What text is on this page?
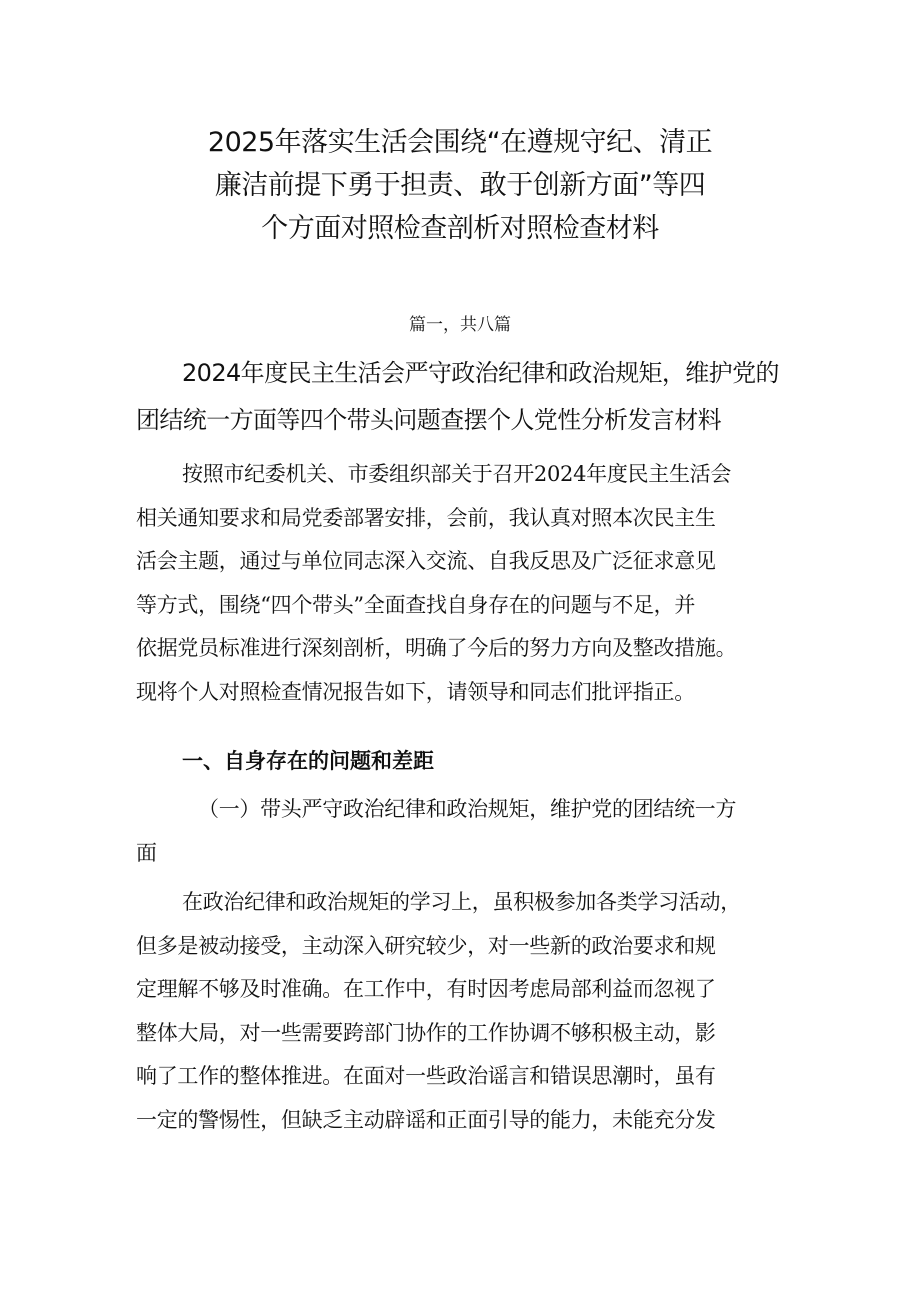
2025年落实生活会围绕“在遵规守纪、清正
廉洁前提下勇于担责、敢于创新方面”等四
个方面对照检查剖析对照检查材料
篇一，共八篇
2024年度民主生活会严守政治纪律和政治规矩，维护党的
团结统一方面等四个带头问题查摆个人党性分析发言材料
按照市纪委机关、市委组织部关于召开2024年度民主生活会
相关通知要求和局党委部署安排，会前，我认真对照本次民主生
活会主题，通过与单位同志深入交流、自我反思及广泛征求意见
等方式，围绕“四个带头”全面查找自身存在的问题与不足，并
依据党员标准进行深刻剖析，明确了今后的努力方向及整改措施。
现将个人对照检查情况报告如下，请领导和同志们批评指正。
一、自身存在的问题和差距
（一）带头严守政治纪律和政治规矩，维护党的团结统一方
面
在政治纪律和政治规矩的学习上，虽积极参加各类学习活动，
但多是被动接受，主动深入研究较少，对一些新的政治要求和规
定理解不够及时准确。在工作中，有时因考虑局部利益而忽视了
整体大局，对一些需要跨部门协作的工作协调不够积极主动，影
响了工作的整体推进。在面对一些政治谣言和错误思潮时，虽有
一定的警惕性，但缺乏主动辟谣和正面引导的能力，未能充分发
